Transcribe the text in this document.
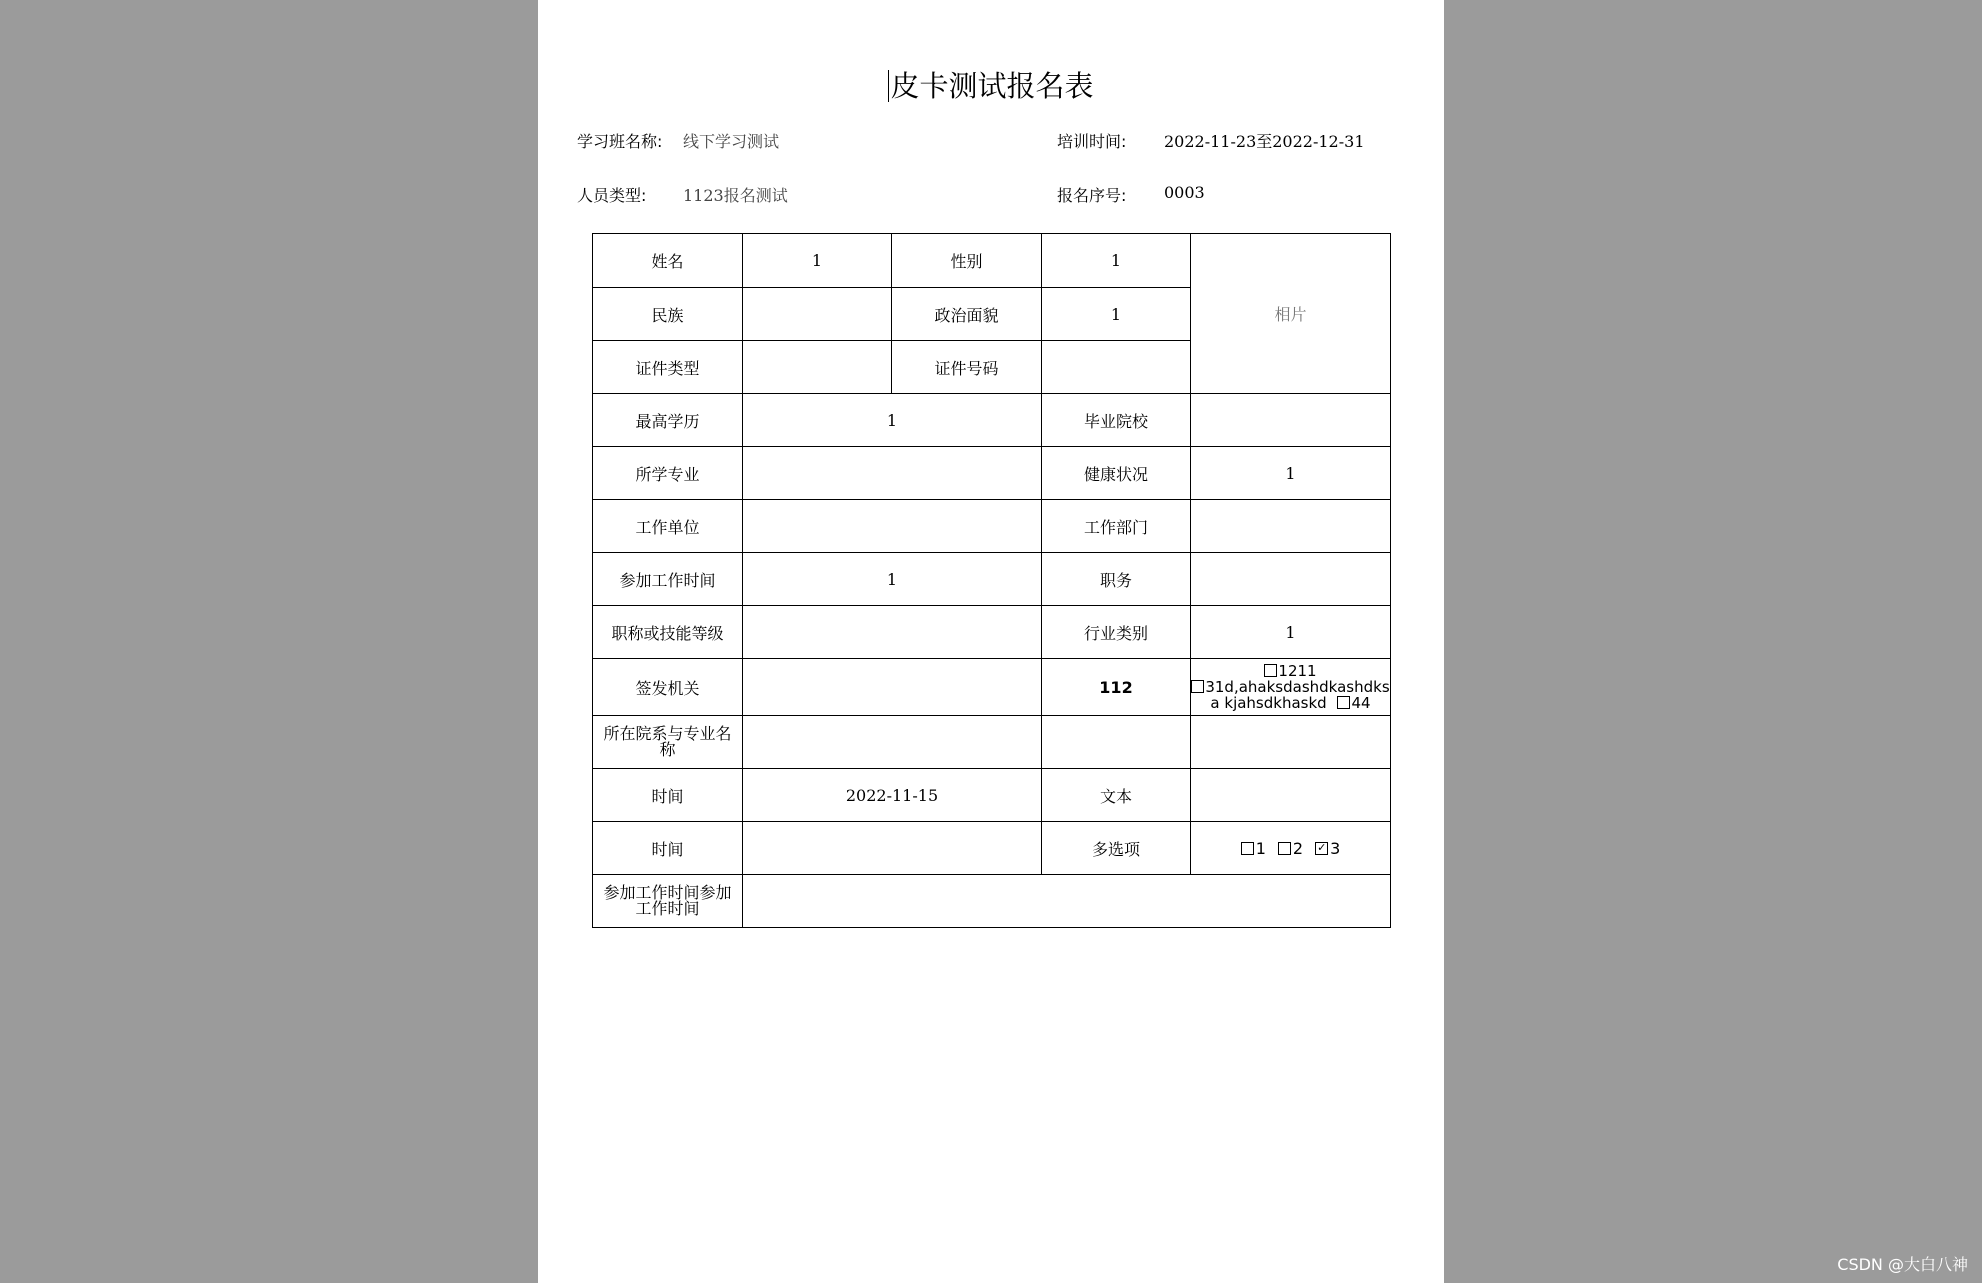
皮卡测试报名表
学习班名称: 线下学习测试	培训时间: 2022-11-23至2022-12-31
人员类型: 1123报名测试	报名序号: 0003
姓名	1	性别	1	相片
民族		政治面貌	1	
证件类型		证件号码		
最高学历	1		毕业院校	
所学专业			健康状况	1
工作单位			工作部门	
参加工作时间	1		职务	
职称或技能等级			行业类别	1
签发机关			112	1211
31d,ahaksdashdkashdksa kjahsdkhaskd 44

所在院系与专业名称				
时间	2022-11-15		文本	
时间			多选项	1 2 ✓ 3
参加工作时间参加工作时间				
CSDN @大白八神
